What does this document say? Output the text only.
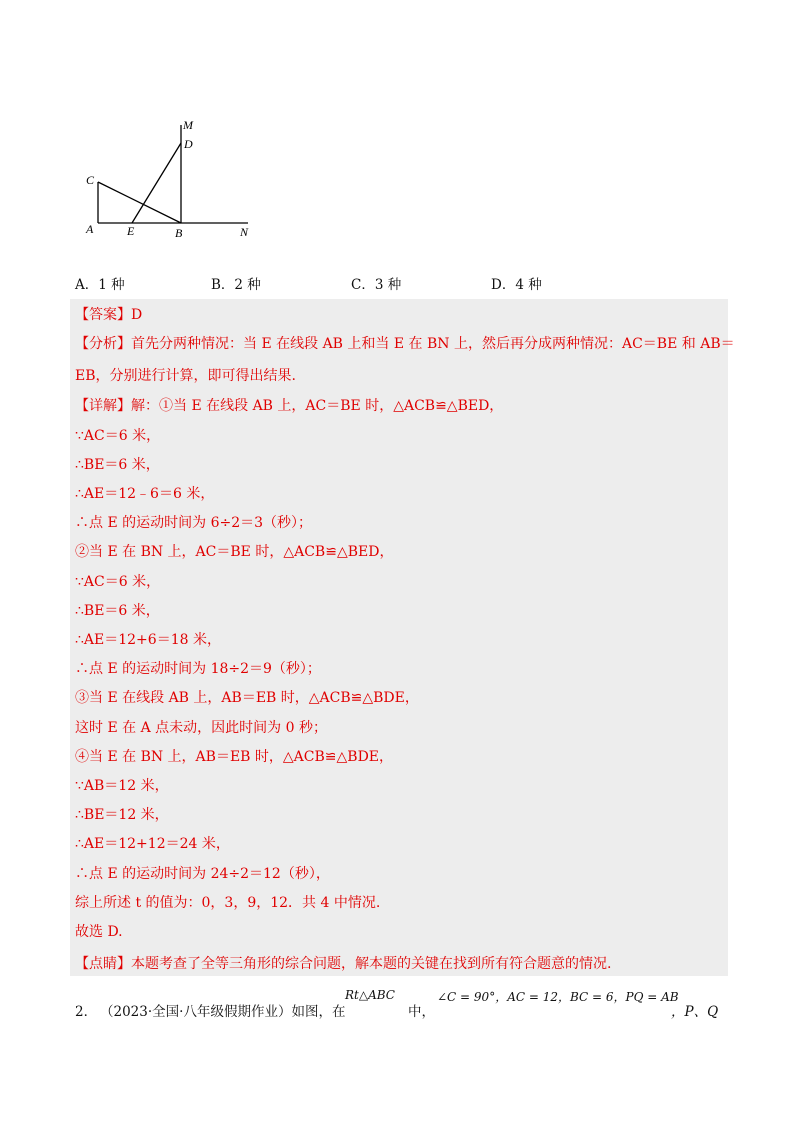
M
D
C
A	E	B	N
A．1 种	B．2 种	C．3 种	D．4 种
【答案】D
【分析】首先分两种情况：当 E 在线段 AB 上和当 E 在 BN 上，然后再分成两种情况：AC＝BE 和 AB＝
EB，分别进行计算，即可得出结果.
【详解】解：①当 E 在线段 AB 上，AC＝BE 时，△ACB≌△BED，
∵AC＝6 米，
∴BE＝6 米，
∴AE＝12﹣6＝6 米，
∴点 E 的运动时间为 6÷2＝3（秒）；
②当 E 在 BN 上，AC＝BE 时，△ACB≌△BED，
∵AC＝6 米，
∴BE＝6 米，
∴AE＝12+6＝18 米，
∴点 E 的运动时间为 18÷2＝9（秒）；
③当 E 在线段 AB 上，AB＝EB 时，△ACB≌△BDE，
这时 E 在 A 点未动，因此时间为 0 秒；
④当 E 在 BN 上，AB＝EB 时，△ACB≌△BDE，
∵AB＝12 米，
∴BE＝12 米，
∴AE＝12+12＝24 米，
∴点 E 的运动时间为 24÷2＝12（秒），
综上所述 t 的值为：0，3，9，12．共 4 中情况.
故选 D.
【点睛】本题考查了全等三角形的综合问题，解本题的关键在找到所有符合题意的情况.
2． （2023·全国·八年级假期作业）如图，在
Rt△ABC
中，
∠C = 90°，AC = 12，BC = 6，PQ = AB
，P、Q
